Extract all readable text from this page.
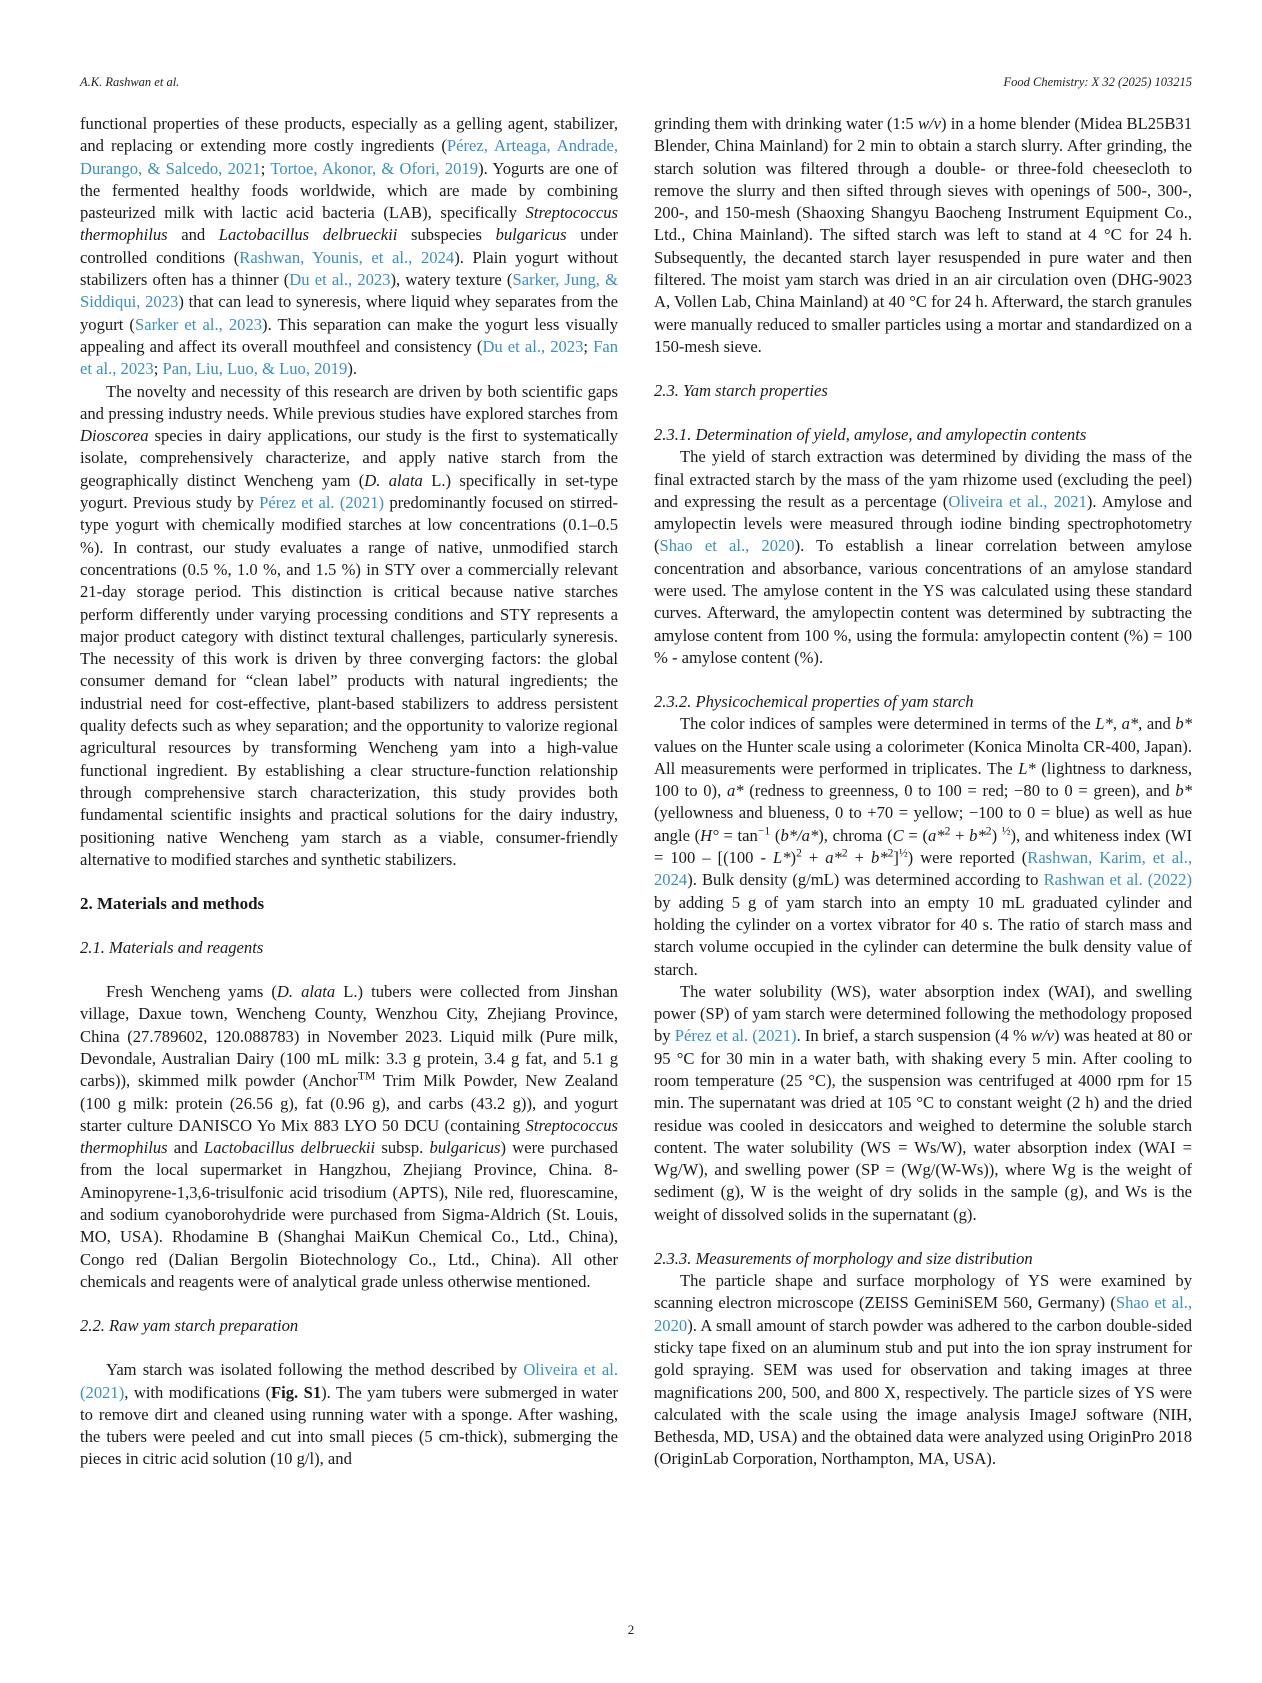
A.K. Rashwan et al.	Food Chemistry: X 32 (2025) 103215

functional properties of these products, especially as a gelling agent, stabilizer, and replacing or extending more costly ingredients (Pérez, Arteaga, Andrade, Durango, & Salcedo, 2021; Tortoe, Akonor, & Ofori, 2019). Yogurts are one of the fermented healthy foods worldwide, which are made by combining pasteurized milk with lactic acid bacteria (LAB), specifically Streptococcus thermophilus and Lactobacillus delbrueckii subspecies bulgaricus under controlled conditions (Rashwan, Younis, et al., 2024). Plain yogurt without stabilizers often has a thinner (Du et al., 2023), watery texture (Sarker, Jung, & Siddiqui, 2023) that can lead to syneresis, where liquid whey separates from the yogurt (Sarker et al., 2023). This separation can make the yogurt less visually appealing and affect its overall mouthfeel and consistency (Du et al., 2023; Fan et al., 2023; Pan, Liu, Luo, & Luo, 2019).

The novelty and necessity of this research are driven by both scientific gaps and pressing industry needs. While previous studies have explored starches from Dioscorea species in dairy applications, our study is the first to systematically isolate, comprehensively characterize, and apply native starch from the geographically distinct Wencheng yam (D. alata L.) specifically in set-type yogurt. Previous study by Pérez et al. (2021) predominantly focused on stirred-type yogurt with chemically modified starches at low concentrations (0.1–0.5 %). In contrast, our study evaluates a range of native, unmodified starch concentrations (0.5 %, 1.0 %, and 1.5 %) in STY over a commercially relevant 21-day storage period. This distinction is critical because native starches perform differently under varying processing conditions and STY represents a major product category with distinct textural challenges, particularly syneresis. The necessity of this work is driven by three converging factors: the global consumer demand for “clean label” products with natural ingredients; the industrial need for cost-effective, plant-based stabilizers to address persistent quality defects such as whey separation; and the opportunity to valorize regional agricultural resources by transforming Wencheng yam into a high-value functional ingredient. By establishing a clear structure-function relationship through comprehensive starch characterization, this study provides both fundamental scientific insights and practical solutions for the dairy industry, positioning native Wencheng yam starch as a viable, consumer-friendly alternative to modified starches and synthetic stabilizers.

2. Materials and methods
2.1. Materials and reagents

Fresh Wencheng yams (D. alata L.) tubers were collected from Jinshan village, Daxue town, Wencheng County, Wenzhou City, Zhejiang Province, China (27.789602, 120.088783) in November 2023. Liquid milk (Pure milk, Devondale, Australian Dairy (100 mL milk: 3.3 g protein, 3.4 g fat, and 5.1 g carbs)), skimmed milk powder (Anchor™ Trim Milk Powder, New Zealand (100 g milk: protein (26.56 g), fat (0.96 g), and carbs (43.2 g)), and yogurt starter culture DANISCO Yo Mix 883 LYO 50 DCU (containing Streptococcus thermophilus and Lactobacillus delbrueckii subsp. bulgaricus) were purchased from the local supermarket in Hangzhou, Zhejiang Province, China. 8-Aminopyrene-1,3,6-trisulfonic acid trisodium (APTS), Nile red, fluorescamine, and sodium cyanoborohydride were purchased from Sigma-Aldrich (St. Louis, MO, USA). Rhodamine B (Shanghai MaiKun Chemical Co., Ltd., China), Congo red (Dalian Bergolin Biotechnology Co., Ltd., China). All other chemicals and reagents were of analytical grade unless otherwise mentioned.

2.2. Raw yam starch preparation

Yam starch was isolated following the method described by Oliveira et al. (2021), with modifications (Fig. S1). The yam tubers were submerged in water to remove dirt and cleaned using running water with a sponge. After washing, the tubers were peeled and cut into small pieces (5 cm-thick), submerging the pieces in citric acid solution (10 g/l), and

grinding them with drinking water (1:5 w/v) in a home blender (Midea BL25B31 Blender, China Mainland) for 2 min to obtain a starch slurry. After grinding, the starch solution was filtered through a double- or three-fold cheesecloth to remove the slurry and then sifted through sieves with openings of 500-, 300-, 200-, and 150-mesh (Shaoxing Shangyu Baocheng Instrument Equipment Co., Ltd., China Mainland). The sifted starch was left to stand at 4 °C for 24 h. Subsequently, the decanted starch layer resuspended in pure water and then filtered. The moist yam starch was dried in an air circulation oven (DHG-9023 A, Vollen Lab, China Mainland) at 40 °C for 24 h. Afterward, the starch granules were manually reduced to smaller particles using a mortar and standardized on a 150-mesh sieve.

2.3. Yam starch properties
2.3.1. Determination of yield, amylose, and amylopectin contents

The yield of starch extraction was determined by dividing the mass of the final extracted starch by the mass of the yam rhizome used (excluding the peel) and expressing the result as a percentage (Oliveira et al., 2021). Amylose and amylopectin levels were measured through iodine binding spectrophotometry (Shao et al., 2020). To establish a linear correlation between amylose concentration and absorbance, various concentrations of an amylose standard were used. The amylose content in the YS was calculated using these standard curves. Afterward, the amylopectin content was determined by subtracting the amylose content from 100 %, using the formula: amylopectin content (%) = 100 % - amylose content (%).

2.3.2. Physicochemical properties of yam starch

The color indices of samples were determined in terms of the L*, a*, and b* values on the Hunter scale using a colorimeter (Konica Minolta CR-400, Japan). All measurements were performed in triplicates. The L* (lightness to darkness, 100 to 0), a* (redness to greenness, 0 to 100 = red; −80 to 0 = green), and b* (yellowness and blueness, 0 to +70 = yellow; −100 to 0 = blue) as well as hue angle ($H^\circ = \tan^{-1} (b*/a*)$, chroma (C = (a*$^2$ + b*$^2$) $^{\frac{1}{2}}$), and whiteness index $(WI = 100 - [(100 - L*)^2 + a*^2 + b*^2]^{\frac{1}{2}})$ were reported (Rashwan, Karim, et al., 2024). Bulk density (g/mL) was determined according to Rashwan et al. (2022) by adding 5 g of yam starch into an empty 10 mL graduated cylinder and holding the cylinder on a vortex vibrator for 40 s. The ratio of starch mass and starch volume occupied in the cylinder can determine the bulk density value of starch.

The water solubility (WS), water absorption index (WAI), and swelling power (SP) of yam starch were determined following the methodology proposed by Pérez et al. (2021). In brief, a starch suspension (4 % w/v) was heated at 80 or 95 °C for 30 min in a water bath, with shaking every 5 min. After cooling to room temperature (25 °C), the suspension was centrifuged at 4000 rpm for 15 min. The supernatant was dried at 105 °C to constant weight (2 h) and the dried residue was cooled in desiccators and weighed to determine the soluble starch content. The water solubility (WS = Ws/W), water absorption index (WAI = Wg/W), and swelling power (SP = (Wg/(W-Ws)), where Wg is the weight of sediment (g), W is the weight of dry solids in the sample (g), and Ws is the weight of dissolved solids in the supernatant (g).

2.3.3. Measurements of morphology and size distribution

The particle shape and surface morphology of YS were examined by scanning electron microscope (ZEISS GeminiSEM 560, Germany) (Shao et al., 2020). A small amount of starch powder was adhered to the carbon double-sided sticky tape fixed on an aluminum stub and put into the ion spray instrument for gold spraying. SEM was used for observation and taking images at three magnifications 200, 500, and 800 X, respectively. The particle sizes of YS were calculated with the scale using the image analysis ImageJ software (NIH, Bethesda, MD, USA) and the obtained data were analyzed using OriginPro 2018 (OriginLab Corporation, Northampton, MA, USA).

2
